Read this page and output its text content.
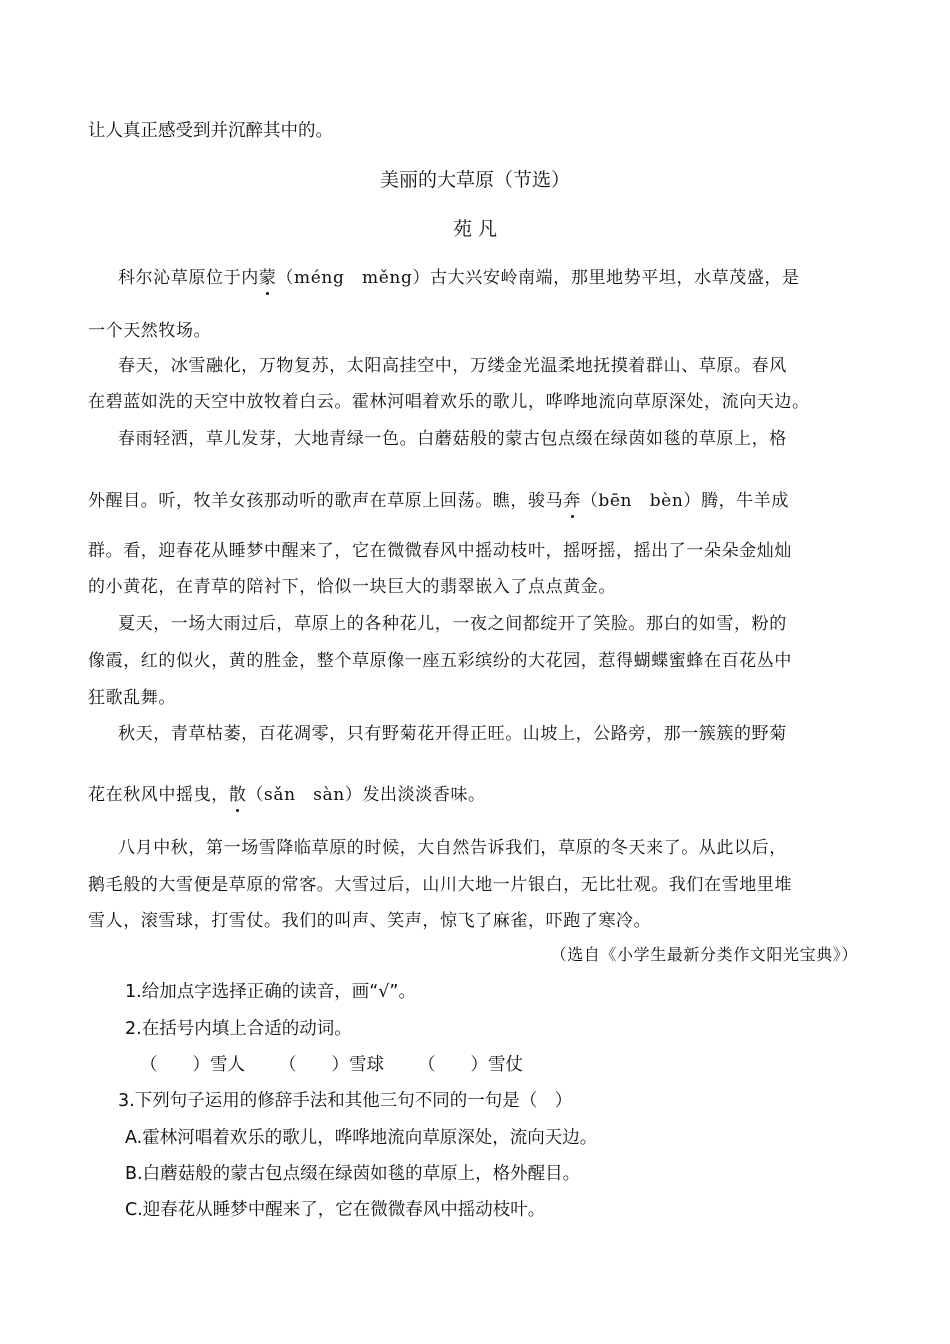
让人真正感受到并沉醉其中的。
美丽的大草原（节选）
苑 凡
科尔沁草原位于内蒙（méng　měng）古大兴安岭南端，那里地势平坦，水草茂盛，是
一个天然牧场。
春天，冰雪融化，万物复苏，太阳高挂空中，万缕金光温柔地抚摸着群山、草原。春风
在碧蓝如洗的天空中放牧着白云。霍林河唱着欢乐的歌儿，哗哗地流向草原深处，流向天边。
春雨轻洒，草儿发芽，大地青绿一色。白蘑菇般的蒙古包点缀在绿茵如毯的草原上，格
外醒目。听，牧羊女孩那动听的歌声在草原上回荡。瞧，骏马奔（bēn　bèn）腾，牛羊成
群。看，迎春花从睡梦中醒来了，它在微微春风中摇动枝叶，摇呀摇，摇出了一朵朵金灿灿
的小黄花，在青草的陪衬下，恰似一块巨大的翡翠嵌入了点点黄金。
夏天，一场大雨过后，草原上的各种花儿，一夜之间都绽开了笑脸。那白的如雪，粉的
像霞，红的似火，黄的胜金，整个草原像一座五彩缤纷的大花园，惹得蝴蝶蜜蜂在百花丛中
狂歌乱舞。
秋天，青草枯萎，百花凋零，只有野菊花开得正旺。山坡上，公路旁，那一簇簇的野菊
花在秋风中摇曳，散（sǎn　sàn）发出淡淡香味。
八月中秋，第一场雪降临草原的时候，大自然告诉我们，草原的冬天来了。从此以后，
鹅毛般的大雪便是草原的常客。大雪过后，山川大地一片银白，无比壮观。我们在雪地里堆
雪人，滚雪球，打雪仗。我们的叫声、笑声，惊飞了麻雀，吓跑了寒冷。
（选自《小学生最新分类作文阳光宝典》）
1.给加点字选择正确的读音，画“√”。
2.在括号内填上合适的动词。
（　　）雪人 （　　）雪球 （　　）雪仗
3.下列句子运用的修辞手法和其他三句不同的一句是（　）
A.霍林河唱着欢乐的歌儿，哗哗地流向草原深处，流向天边。
B.白蘑菇般的蒙古包点缀在绿茵如毯的草原上，格外醒目。
C.迎春花从睡梦中醒来了，它在微微春风中摇动枝叶。
